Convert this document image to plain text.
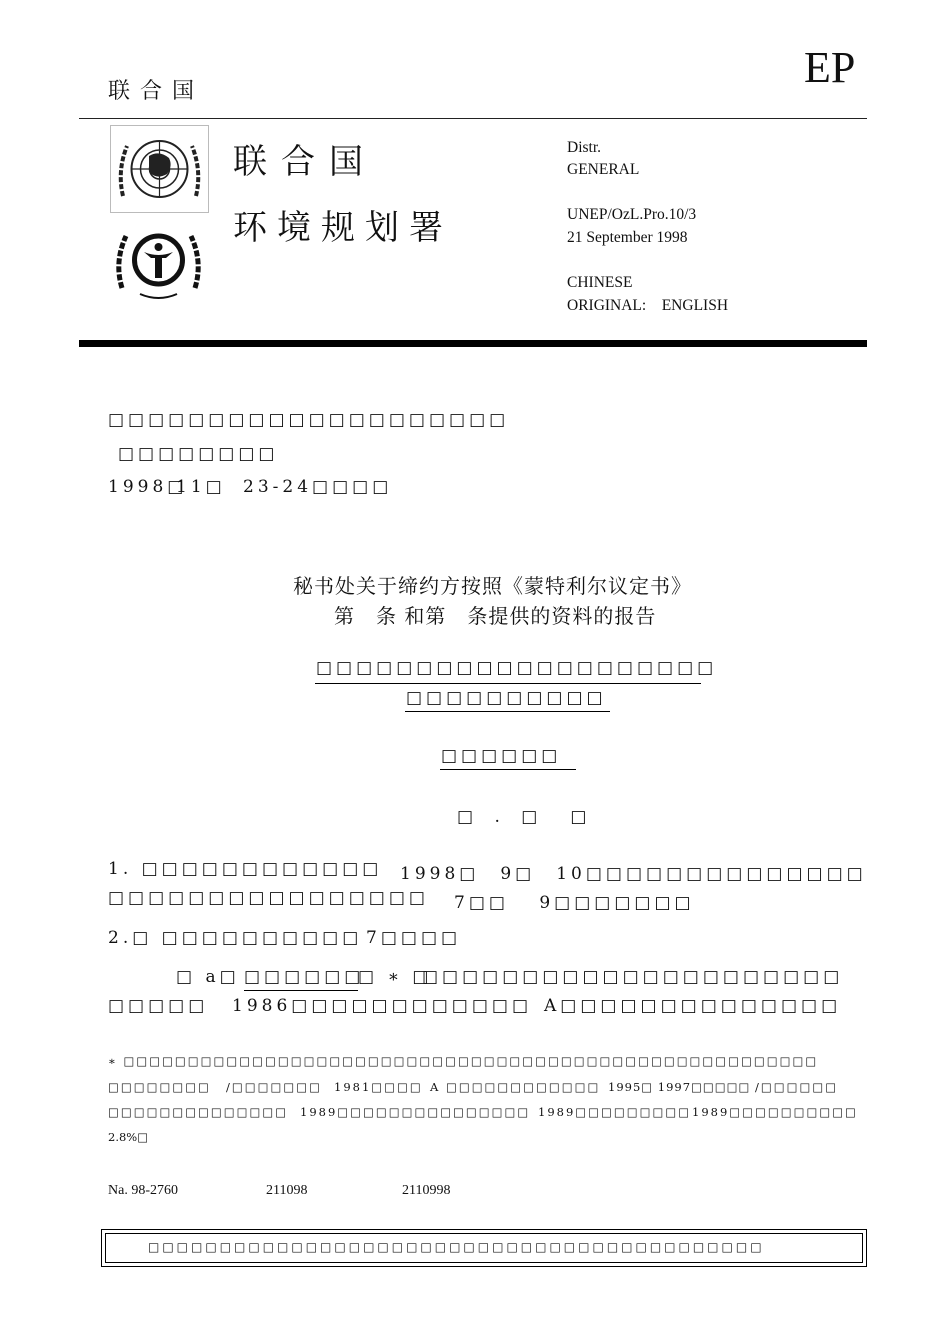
联合国	EP
联合国
环境规划署
Distr.
GENERAL
UNEP/OzL.Pro.10/3
21 September 1998
CHINESE
ORIGINAL:    ENGLISH
□□□□□□□□□□□□□□□□□□□□
□□□□□□□□
1998□
11□ 23-24□□□□
秘书处关于缔约方按照《蒙特利尔议定书》
第　条 和第　条提供的资料的报告
□□□□□□□□□□□□□□□□□□□□
□□□□□□□□□□
□□□□□□
□ . □　□
1. □□□□□□□□□□□□ 1998□　9□　10□□□□□□□□□□□□□□
□□□□□□□□□□□□□□□□ 7□□　 9□□□□□□□
2.□ □□□□□□□□□□ 7□□□□
□ a□ □□□□□□
□ ∗ □
□□□□□□□□□□□□□□□□□□□□□
□□□□□ 1986□□□□□□□□□□□□ A□□□□□□□□□□□□□□
∗ □□□□□□□□□□□□□□□□□□□□□□□□□□□□□□□□□□□□□□□□□□□□□□□□□□□□□□
□□□□□□□□ /□□□□□□□ 1981□□□□ A □□□□□□□□□□□□ 1995□ 1997□□□□□ /□□□□□□
□□□□□□□□□□□□□□ 1989□□□□□□□□□□□□□□□ 1989□□□□□□□□□ 1989□□□□□□□□□□
2.8%□
Na. 98-2760	211098	2110998
□□□□□□□□□□□□□□□□□□□□□□□□□□□□□□□□□□□□□□□□□□□
